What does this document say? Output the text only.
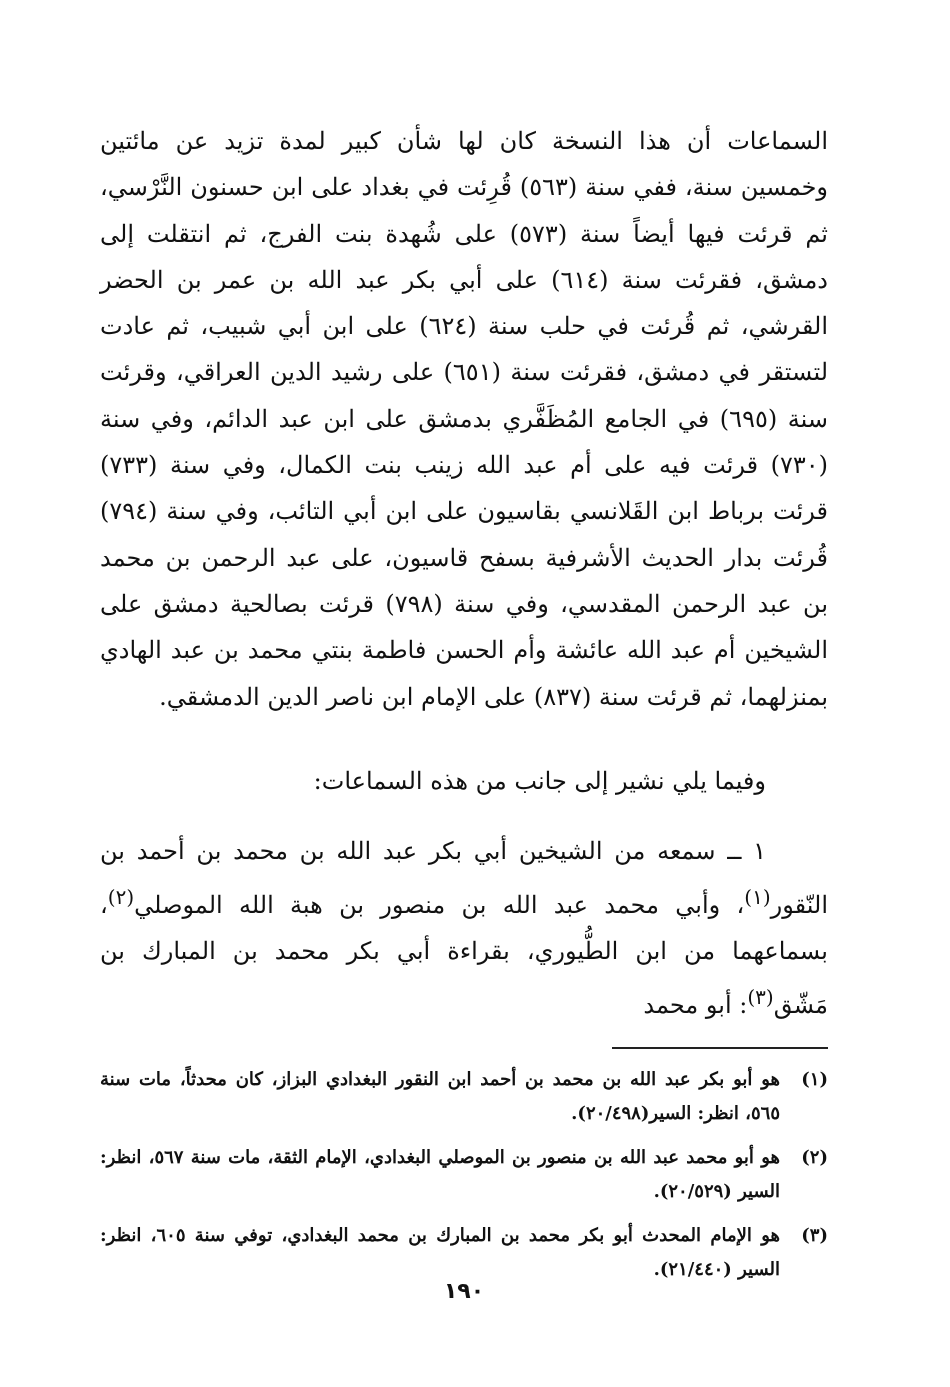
السماعات أن هذا النسخة كان لها شأن كبير لمدة تزيد عن مائتين وخمسين سنة، ففي سنة (٥٦٣) قُرِئت في بغداد على ابن حسنون النَّرْسي، ثم قرئت فيها أيضاً سنة (٥٧٣) على شُهدة بنت الفرج، ثم انتقلت إلى دمشق، فقرئت سنة (٦١٤) على أبي بكر عبد الله بن عمر بن الحضر القرشي، ثم قُرئت في حلب سنة (٦٢٤) على ابن أبي شبيب، ثم عادت لتستقر في دمشق، فقرئت سنة (٦٥١) على رشيد الدين العراقي، وقرئت سنة (٦٩٥) في الجامع المُظَفَّري بدمشق على ابن عبد الدائم، وفي سنة (٧٣٠) قرئت فيه على أم عبد الله زينب بنت الكمال، وفي سنة (٧٣٣) قرئت برباط ابن القَلانسي بقاسيون على ابن أبي التائب، وفي سنة (٧٩٤) قُرئت بدار الحديث الأشرفية بسفح قاسيون، على عبد الرحمن بن محمد بن عبد الرحمن المقدسي، وفي سنة (٧٩٨) قرئت بصالحية دمشق على الشيخين أم عبد الله عائشة وأم الحسن فاطمة بنتي محمد بن عبد الهادي بمنزلهما، ثم قرئت سنة (٨٣٧) على الإمام ابن ناصر الدين الدمشقي.

وفيما يلي نشير إلى جانب من هذه السماعات:

١ ــ سمعه من الشيخين أبي بكر عبد الله بن محمد بن أحمد بن النّقور$^{(١)}$، وأبي محمد عبد الله بن منصور بن هبة الله الموصلي$^{(٢)}$، بسماعهما من ابن الطُّيوري، بقراءة أبي بكر محمد بن المبارك بن مَشّق$^{(٣)}$: أبو محمد

(١)
هو أبو بكر عبد الله بن محمد بن أحمد ابن النقور البغدادي البزاز، كان محدثاً، مات سنة ٥٦٥، انظر: السير(٢٠/٤٩٨).
(٢)
هو أبو محمد عبد الله بن منصور بن الموصلي البغدادي، الإمام الثقة، مات سنة ٥٦٧، انظر: السير (٢٠/٥٢٩).
(٣)
هو الإمام المحدث أبو بكر محمد بن المبارك بن محمد البغدادي، توفي سنة ٦٠٥، انظر: السير (٢١/٤٤٠).
١٩٠
